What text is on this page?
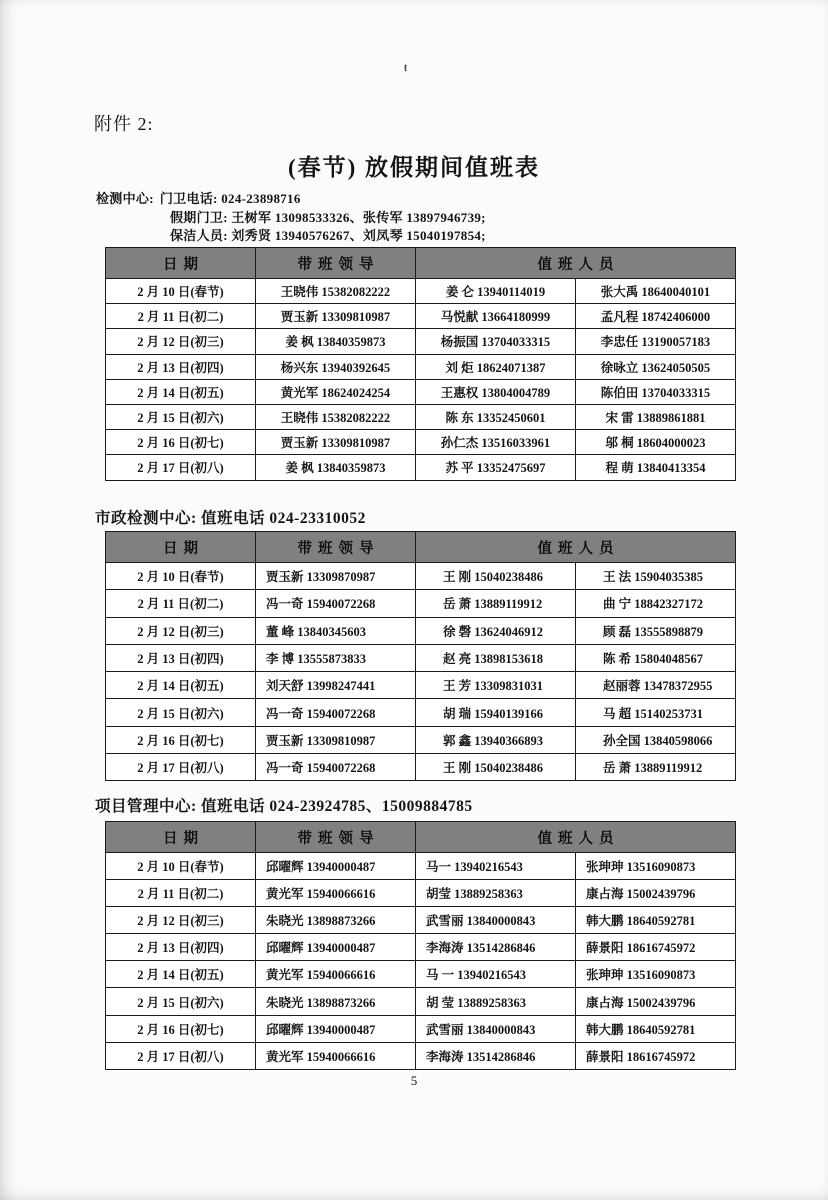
ŧ
附件 2:
(春节) 放假期间值班表
检测中心: 门卫电话: 024-23898716
假期门卫: 王树军 13098533326、张传军 13897946739;
保洁人员: 刘秀贤 13940576267、刘凤琴 15040197854;
日期	带班领导	值班人员	
2 月 10 日(春节)	王晓伟 15382082222	姜 仑 13940114019	张大禹 18640040101
2 月 11 日(初二)	贾玉新 13309810987	马悦献 13664180999	孟凡程 18742406000
2 月 12 日(初三)	姜 枫 13840359873	杨振国 13704033315	李忠任 13190057183
2 月 13 日(初四)	杨兴东 13940392645	刘 炬 18624071387	徐咏立 13624050505
2 月 14 日(初五)	黄光军 18624024254	王惠权 13804004789	陈伯田 13704033315
2 月 15 日(初六)	王晓伟 15382082222	陈 东 13352450601	宋 雷 13889861881
2 月 16 日(初七)	贾玉新 13309810987	孙仁杰 13516033961	邬 桐 18604000023
2 月 17 日(初八)	姜 枫 13840359873	苏 平 13352475697	程 萌 13840413354
市政检测中心: 值班电话 024-23310052
日期	带班领导	值班人员	
2 月 10 日(春节)	贾玉新 13309870987	王 刚 15040238486	王 法 15904035385
2 月 11 日(初二)	冯一奇 15940072268	岳 萧 13889119912	曲 宁 18842327172
2 月 12 日(初三)	董 峰 13840345603	徐 磬 13624046912	顾 磊 13555898879
2 月 13 日(初四)	李 博 13555873833	赵 亮 13898153618	陈 希 15804048567
2 月 14 日(初五)	刘天舒 13998247441	王 芳 13309831031	赵丽蓉 13478372955
2 月 15 日(初六)	冯一奇 15940072268	胡 瑞 15940139166	马 超 15140253731
2 月 16 日(初七)	贾玉新 13309810987	郭 鑫 13940366893	孙全国 13840598066
2 月 17 日(初八)	冯一奇 15940072268	王 刚 15040238486	岳 萧 13889119912
项目管理中心: 值班电话 024-23924785、15009884785
日期	带班领导	值班人员	
2 月 10 日(春节)	邱曜辉 13940000487	马一 13940216543	张珅珅 13516090873
2 月 11 日(初二)	黄光军 15940066616	胡莹 13889258363	康占海 15002439796
2 月 12 日(初三)	朱晓光 13898873266	武雪丽 13840000843	韩大鹏 18640592781
2 月 13 日(初四)	邱曜辉 13940000487	李海涛 13514286846	薛景阳 18616745972
2 月 14 日(初五)	黄光军 15940066616	马 一 13940216543	张珅珅 13516090873
2 月 15 日(初六)	朱晓光 13898873266	胡 莹 13889258363	康占海 15002439796
2 月 16 日(初七)	邱曜辉 13940000487	武雪丽 13840000843	韩大鹏 18640592781
2 月 17 日(初八)	黄光军 15940066616	李海涛 13514286846	薛景阳 18616745972
5
